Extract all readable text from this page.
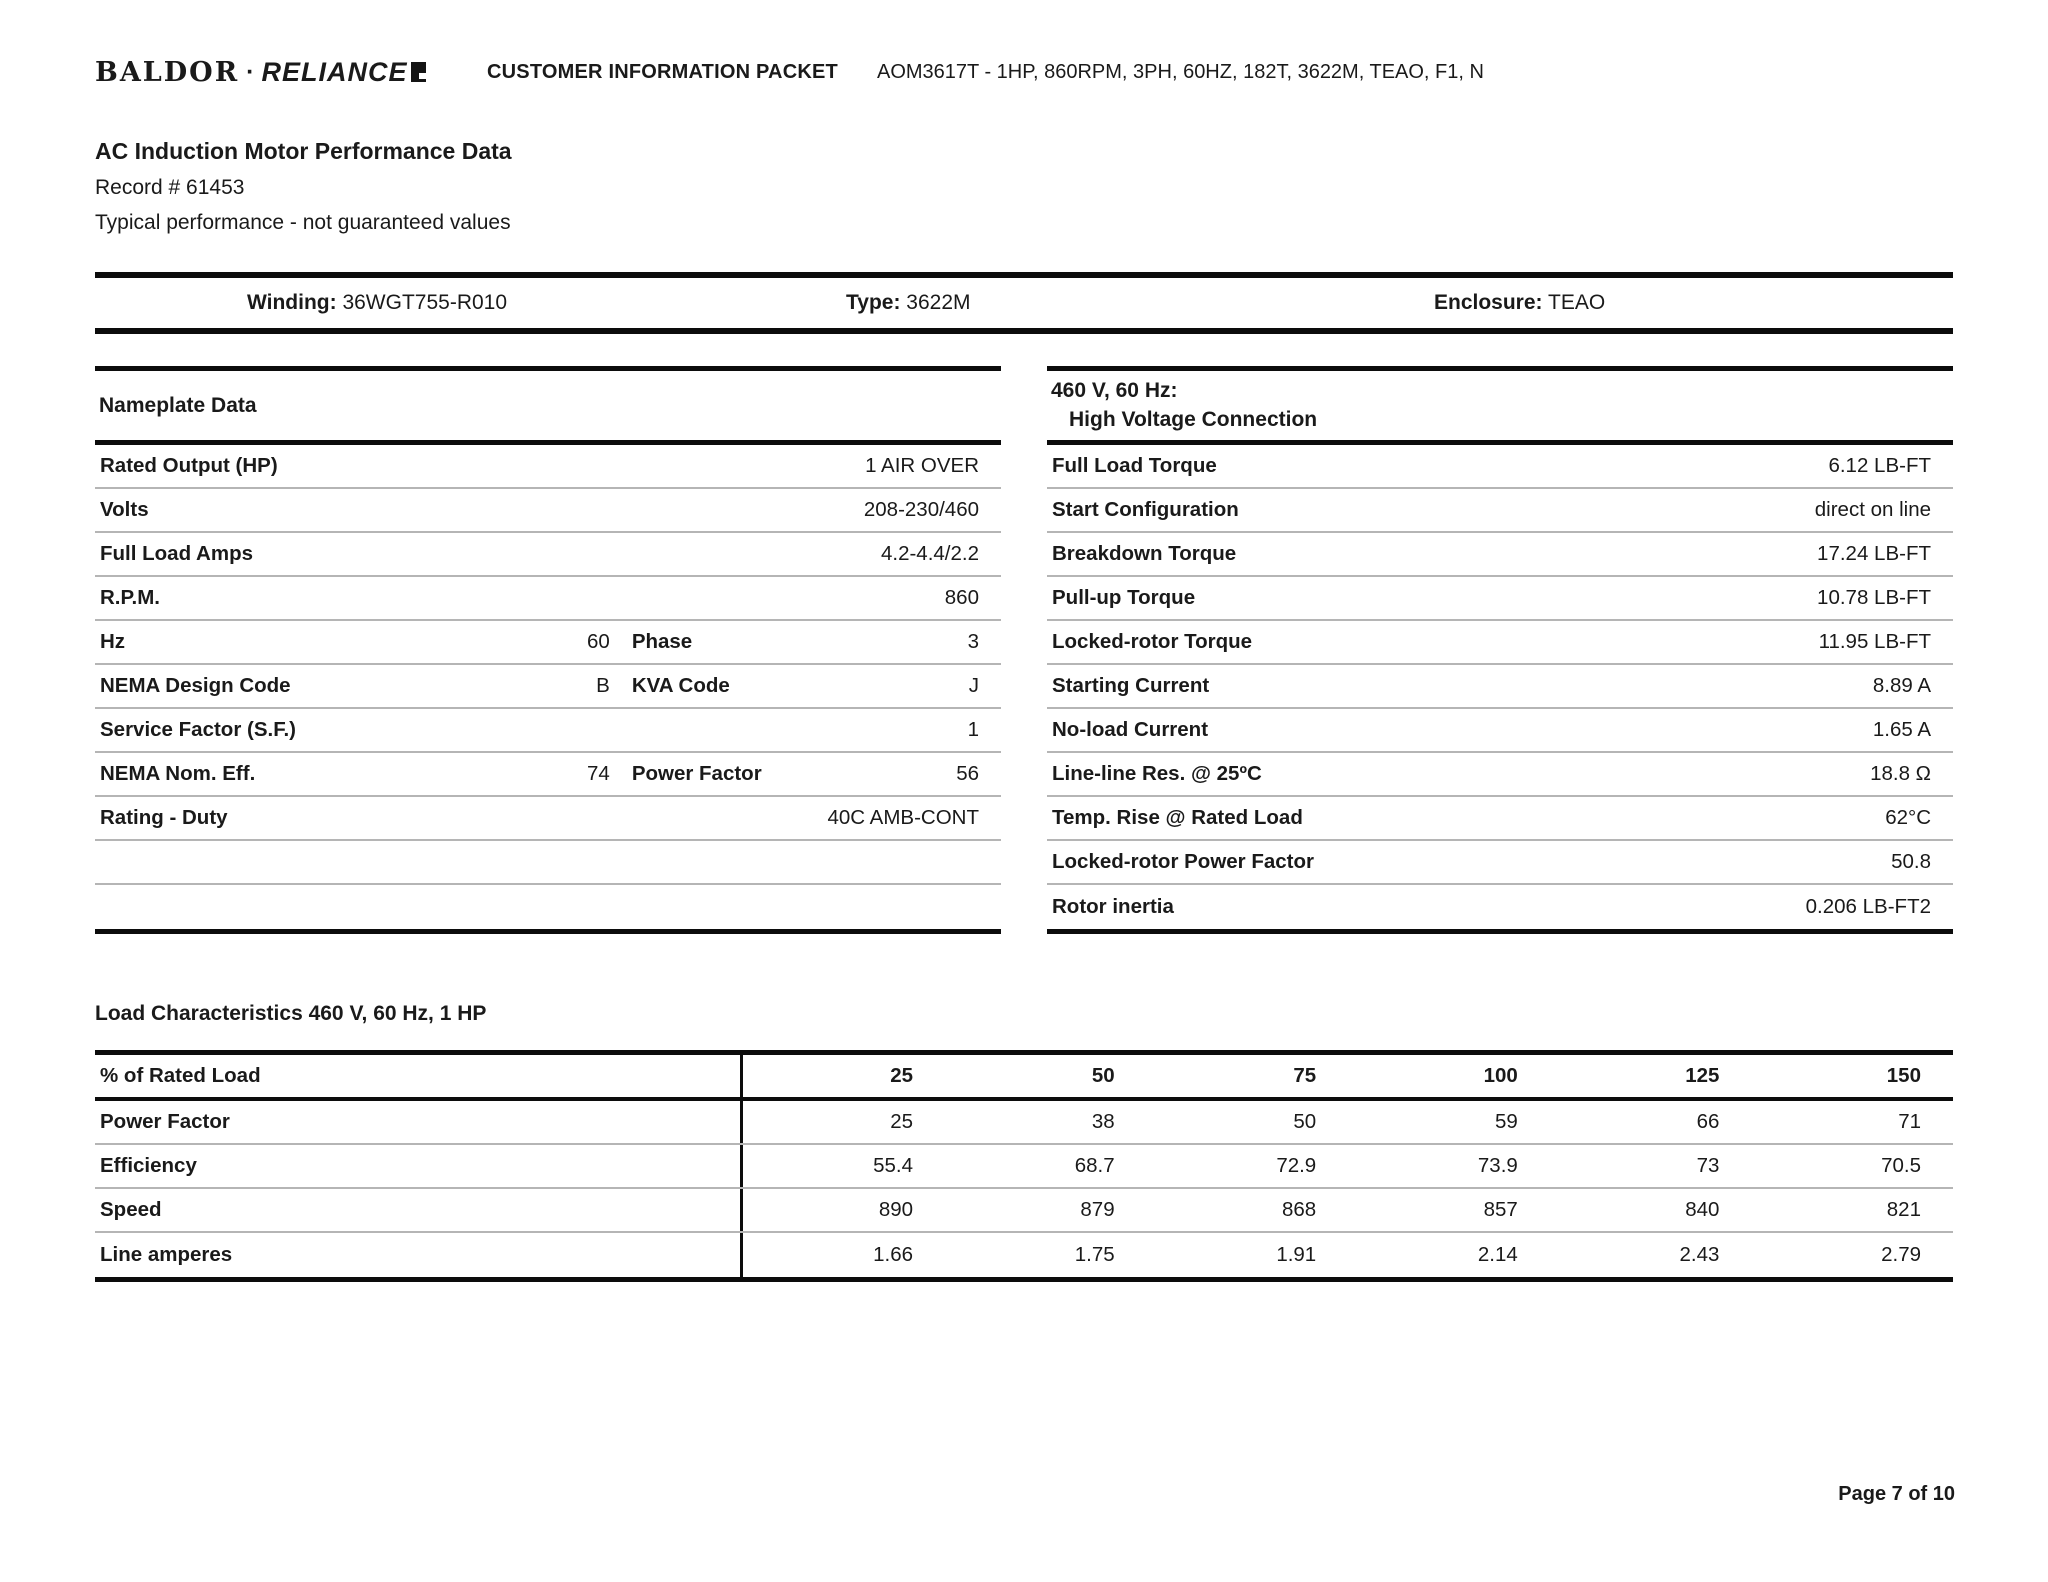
BALDOR · RELIANCE	CUSTOMER INFORMATION PACKET AOM3617T - 1HP, 860RPM, 3PH, 60HZ, 182T, 3622M, TEAO, F1, N
AC Induction Motor Performance Data
Record # 61453
Typical performance - not guaranteed values
Winding: 36WGT755-R010	Type: 3622M	Enclosure: TEAO
Nameplate Data
Rated Output (HP)	1 AIR OVER
Volts	208-230/460
Full Load Amps	4.2-4.4/2.2
R.P.M.	860
Hz	60 Phase	3
NEMA Design Code	B KVA Code	J
Service Factor (S.F.)	1
NEMA Nom. Eff.	74 Power Factor	56
Rating - Duty	40C AMB-CONT
460 V, 60 Hz:
High Voltage Connection
Full Load Torque	6.12 LB-FT
Start Configuration	direct on line
Breakdown Torque	17.24 LB-FT
Pull-up Torque	10.78 LB-FT
Locked-rotor Torque	11.95 LB-FT
Starting Current	8.89 A
No-load Current	1.65 A
Line-line Res. @ 25ºC	18.8 Ω
Temp. Rise @ Rated Load	62°C
Locked-rotor Power Factor	50.8
Rotor inertia	0.206 LB-FT2
Load Characteristics 460 V, 60 Hz, 1 HP
% of Rated Load	25	50	75	100	125	150
Power Factor	25	38	50	59	66	71
Efficiency	55.4	68.7	72.9	73.9	73	70.5
Speed	890	879	868	857	840	821
Line amperes	1.66	1.75	1.91	2.14	2.43	2.79
Page 7 of 10
